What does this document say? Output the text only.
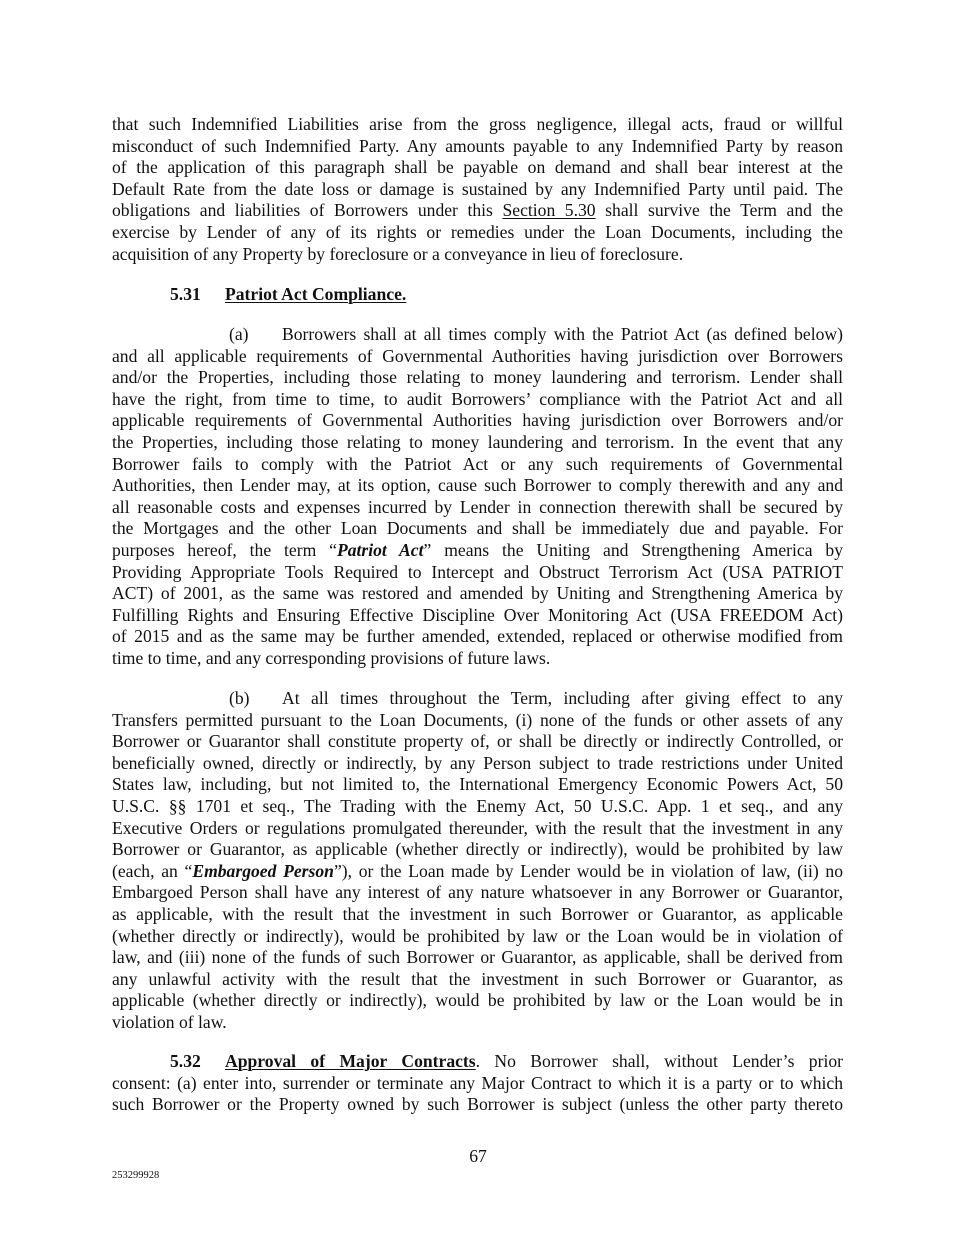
that such Indemnified Liabilities arise from the gross negligence, illegal acts, fraud or willful
misconduct of such Indemnified Party. Any amounts payable to any Indemnified Party by reason
of the application of this paragraph shall be payable on demand and shall bear interest at the
Default Rate from the date loss or damage is sustained by any Indemnified Party until paid. The
obligations and liabilities of Borrowers under this Section 5.30 shall survive the Term and the
exercise by Lender of any of its rights or remedies under the Loan Documents, including the
acquisition of any Property by foreclosure or a conveyance in lieu of foreclosure.
5.31 Patriot Act Compliance.
(a) Borrowers shall at all times comply with the Patriot Act (as defined below)
and all applicable requirements of Governmental Authorities having jurisdiction over Borrowers
and/or the Properties, including those relating to money laundering and terrorism. Lender shall
have the right, from time to time, to audit Borrowers’ compliance with the Patriot Act and all
applicable requirements of Governmental Authorities having jurisdiction over Borrowers and/or
the Properties, including those relating to money laundering and terrorism. In the event that any
Borrower fails to comply with the Patriot Act or any such requirements of Governmental
Authorities, then Lender may, at its option, cause such Borrower to comply therewith and any and
all reasonable costs and expenses incurred by Lender in connection therewith shall be secured by
the Mortgages and the other Loan Documents and shall be immediately due and payable. For
purposes hereof, the term “Patriot Act” means the Uniting and Strengthening America by
Providing Appropriate Tools Required to Intercept and Obstruct Terrorism Act (USA PATRIOT
ACT) of 2001, as the same was restored and amended by Uniting and Strengthening America by
Fulfilling Rights and Ensuring Effective Discipline Over Monitoring Act (USA FREEDOM Act)
of 2015 and as the same may be further amended, extended, replaced or otherwise modified from
time to time, and any corresponding provisions of future laws.
(b) At all times throughout the Term, including after giving effect to any
Transfers permitted pursuant to the Loan Documents, (i) none of the funds or other assets of any
Borrower or Guarantor shall constitute property of, or shall be directly or indirectly Controlled, or
beneficially owned, directly or indirectly, by any Person subject to trade restrictions under United
States law, including, but not limited to, the International Emergency Economic Powers Act, 50
U.S.C. §§ 1701 et seq., The Trading with the Enemy Act, 50 U.S.C. App. 1 et seq., and any
Executive Orders or regulations promulgated thereunder, with the result that the investment in any
Borrower or Guarantor, as applicable (whether directly or indirectly), would be prohibited by law
(each, an “Embargoed Person”), or the Loan made by Lender would be in violation of law, (ii) no
Embargoed Person shall have any interest of any nature whatsoever in any Borrower or Guarantor,
as applicable, with the result that the investment in such Borrower or Guarantor, as applicable
(whether directly or indirectly), would be prohibited by law or the Loan would be in violation of
law, and (iii) none of the funds of such Borrower or Guarantor, as applicable, shall be derived from
any unlawful activity with the result that the investment in such Borrower or Guarantor, as
applicable (whether directly or indirectly), would be prohibited by law or the Loan would be in
violation of law.
5.32 Approval of Major Contracts. No Borrower shall, without Lender’s prior
consent: (a) enter into, surrender or terminate any Major Contract to which it is a party or to which
such Borrower or the Property owned by such Borrower is subject (unless the other party thereto
67
253299928
